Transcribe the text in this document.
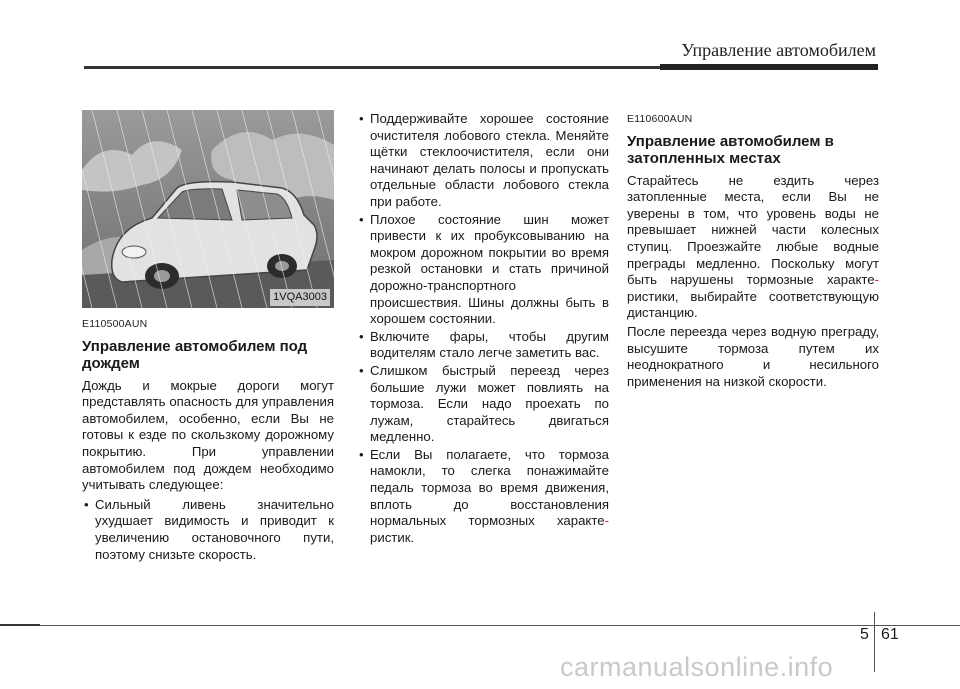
Управление автомобилем
1VQA3003
E110500AUN
Управление автомобилем под дождем

Дождь и мокрые дороги могут представлять опасность для управления автомобилем, особенно, если Вы не готовы к езде по скользкому дорожному покрытию. При управлении автомобилем под дождем необходимо учитывать следующее:

• Сильный ливень значительно ухудшает видимость и приводит к увеличению остановочного пути, поэтому снизьте скорость.
• Поддерживайте хорошее состояние очистителя лобового стекла. Меняйте щётки стеклоочистителя, если они начинают делать полосы и пропускать отдельные области лобового стекла при работе.
• Плохое состояние шин может привести к их пробуксовыванию на мокром дорожном покрытии во время резкой остановки и стать причиной дорожно-транспортного происшествия. Шины должны быть в хорошем состоянии.
• Включите фары, чтобы другим водителям стало легче заметить вас.
• Слишком быстрый переезд через большие лужи может повлиять на тормоза. Если надо проехать по лужам, старайтесь двигаться медленно.
• Если Вы полагаете, что тормоза намокли, то слегка понажимайте педаль тормоза во время движения, вплоть до восстановления нормальных тормозных характе-ристик.
E110600AUN
Управление автомобилем в затопленных местах

Старайтесь не ездить через затопленные места, если Вы не уверены в том, что уровень воды не превышает нижней части колесных ступиц. Проезжайте любые водные преграды медленно. Поскольку могут быть нарушены тормозные характе-ристики, выбирайте соответствующую дистанцию.

После переезда через водную преграду, высушите тормоза путем их неоднократного и несильного применения на низкой скорости.

5 61
carmanualsonline.info
